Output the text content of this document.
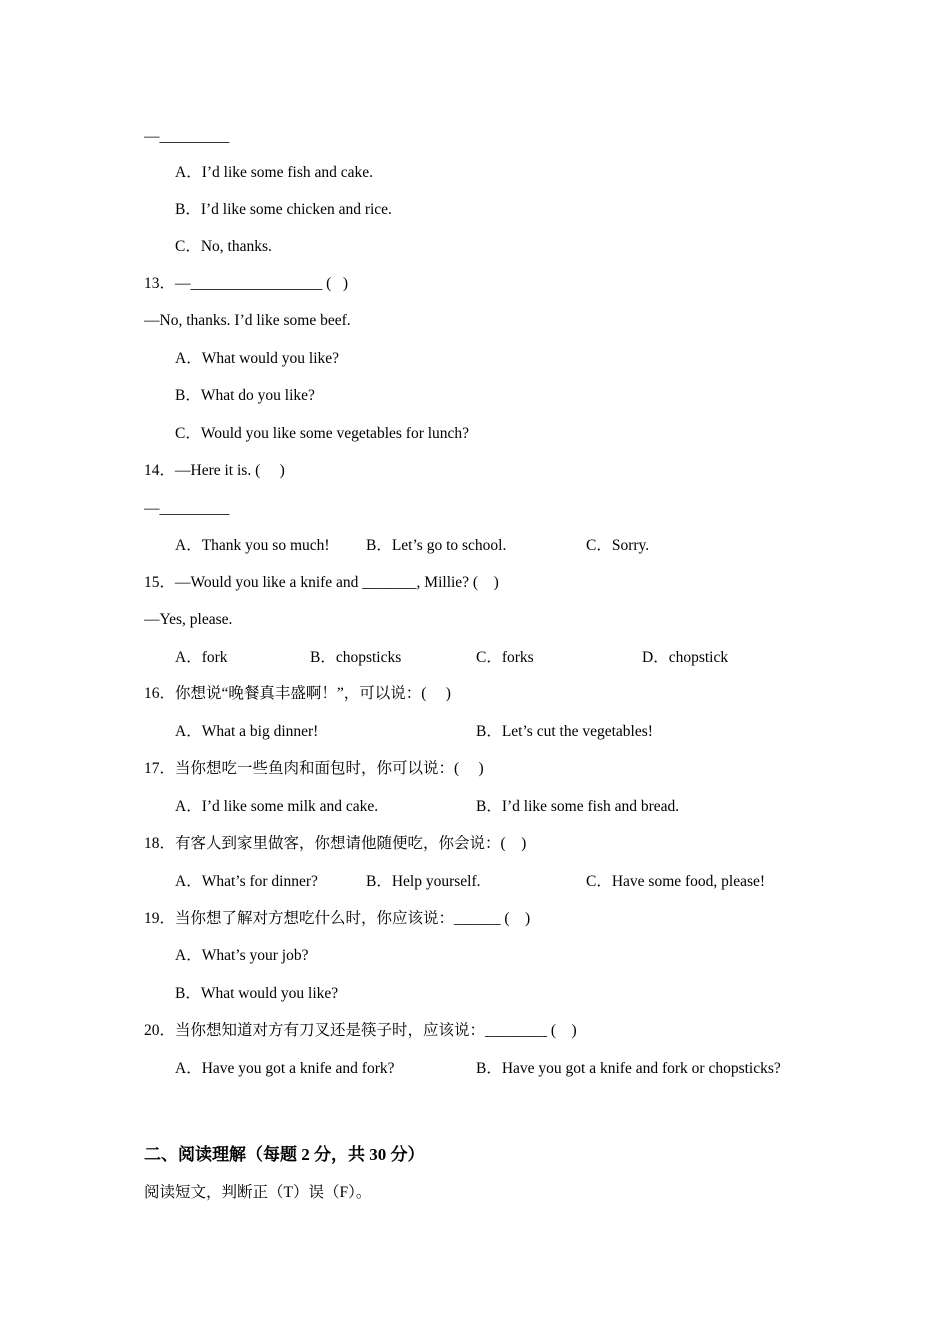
—_________
A．I’d like some fish and cake.
B．I’d like some chicken and rice.
C．No, thanks.
13．—_________________ (   )
—No, thanks. I’d like some beef.
A．What would you like?
B．What do you like?
C．Would you like some vegetables for lunch?
14．—Here it is. (     )
—_________
A．Thank you so much! B．Let’s go to school.	C．Sorry.
15．—Would you like a knife and _______, Millie? (    )
—Yes, please.
A．fork	B．chopsticks	C．forks	D．chopstick
16．你想说“晚餐真丰盛啊！”，可以说：(     )
A．What a big dinner!	B．Let’s cut the vegetables!
17．当你想吃一些鱼肉和面包时，你可以说：(     )
A．I’d like some milk and cake.	B．I’d like some fish and bread.
18．有客人到家里做客，你想请他随便吃，你会说：(    )
A．What’s for dinner?	B．Help yourself.	C．Have some food, please!
19．当你想了解对方想吃什么时，你应该说：______ (    )
A．What’s your job?
B．What would you like?
20．当你想知道对方有刀叉还是筷子时，应该说：________ (    )
A．Have you got a knife and fork?	B．Have you got a knife and fork or chopsticks?
二、阅读理解（每题 2 分，共 30 分）
阅读短文，判断正（T）误（F）。
